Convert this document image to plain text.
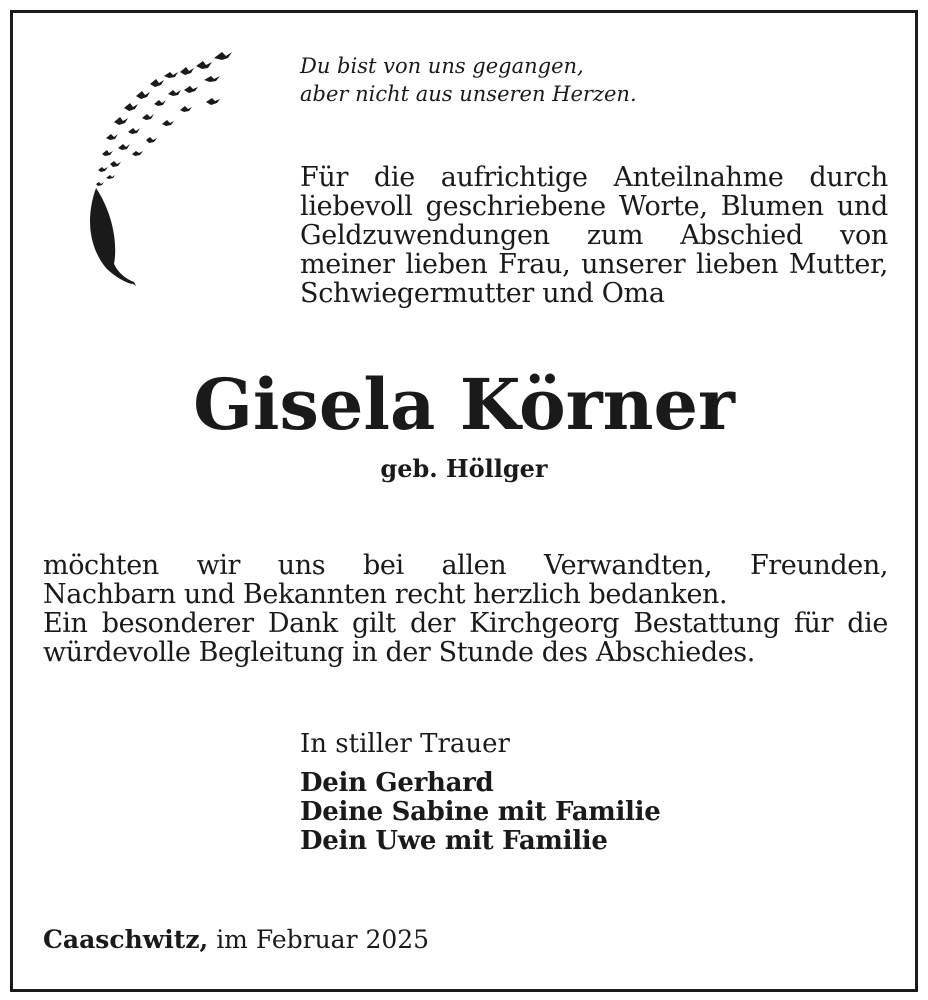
Du bist von uns gegangen,
aber nicht aus unseren Herzen.

Für die aufrichtige Anteilnahme durch liebevoll geschriebene Worte, Blumen und Geldzuwendungen zum Abschied von meiner lieben Frau, unserer lieben Mutter, Schwiegermutter und Oma

Gisela Körner

geb. Höllger

möchten wir uns bei allen Verwandten, Freunden,
Nachbarn und Bekannten recht herzlich bedanken.
Ein besonderer Dank gilt der Kirchgeorg Bestattung für die
würdevolle Begleitung in der Stunde des Abschiedes.

In stiller Trauer
Dein Gerhard
Deine Sabine mit Familie
Dein Uwe mit Familie

Caaschwitz, im Februar 2025
